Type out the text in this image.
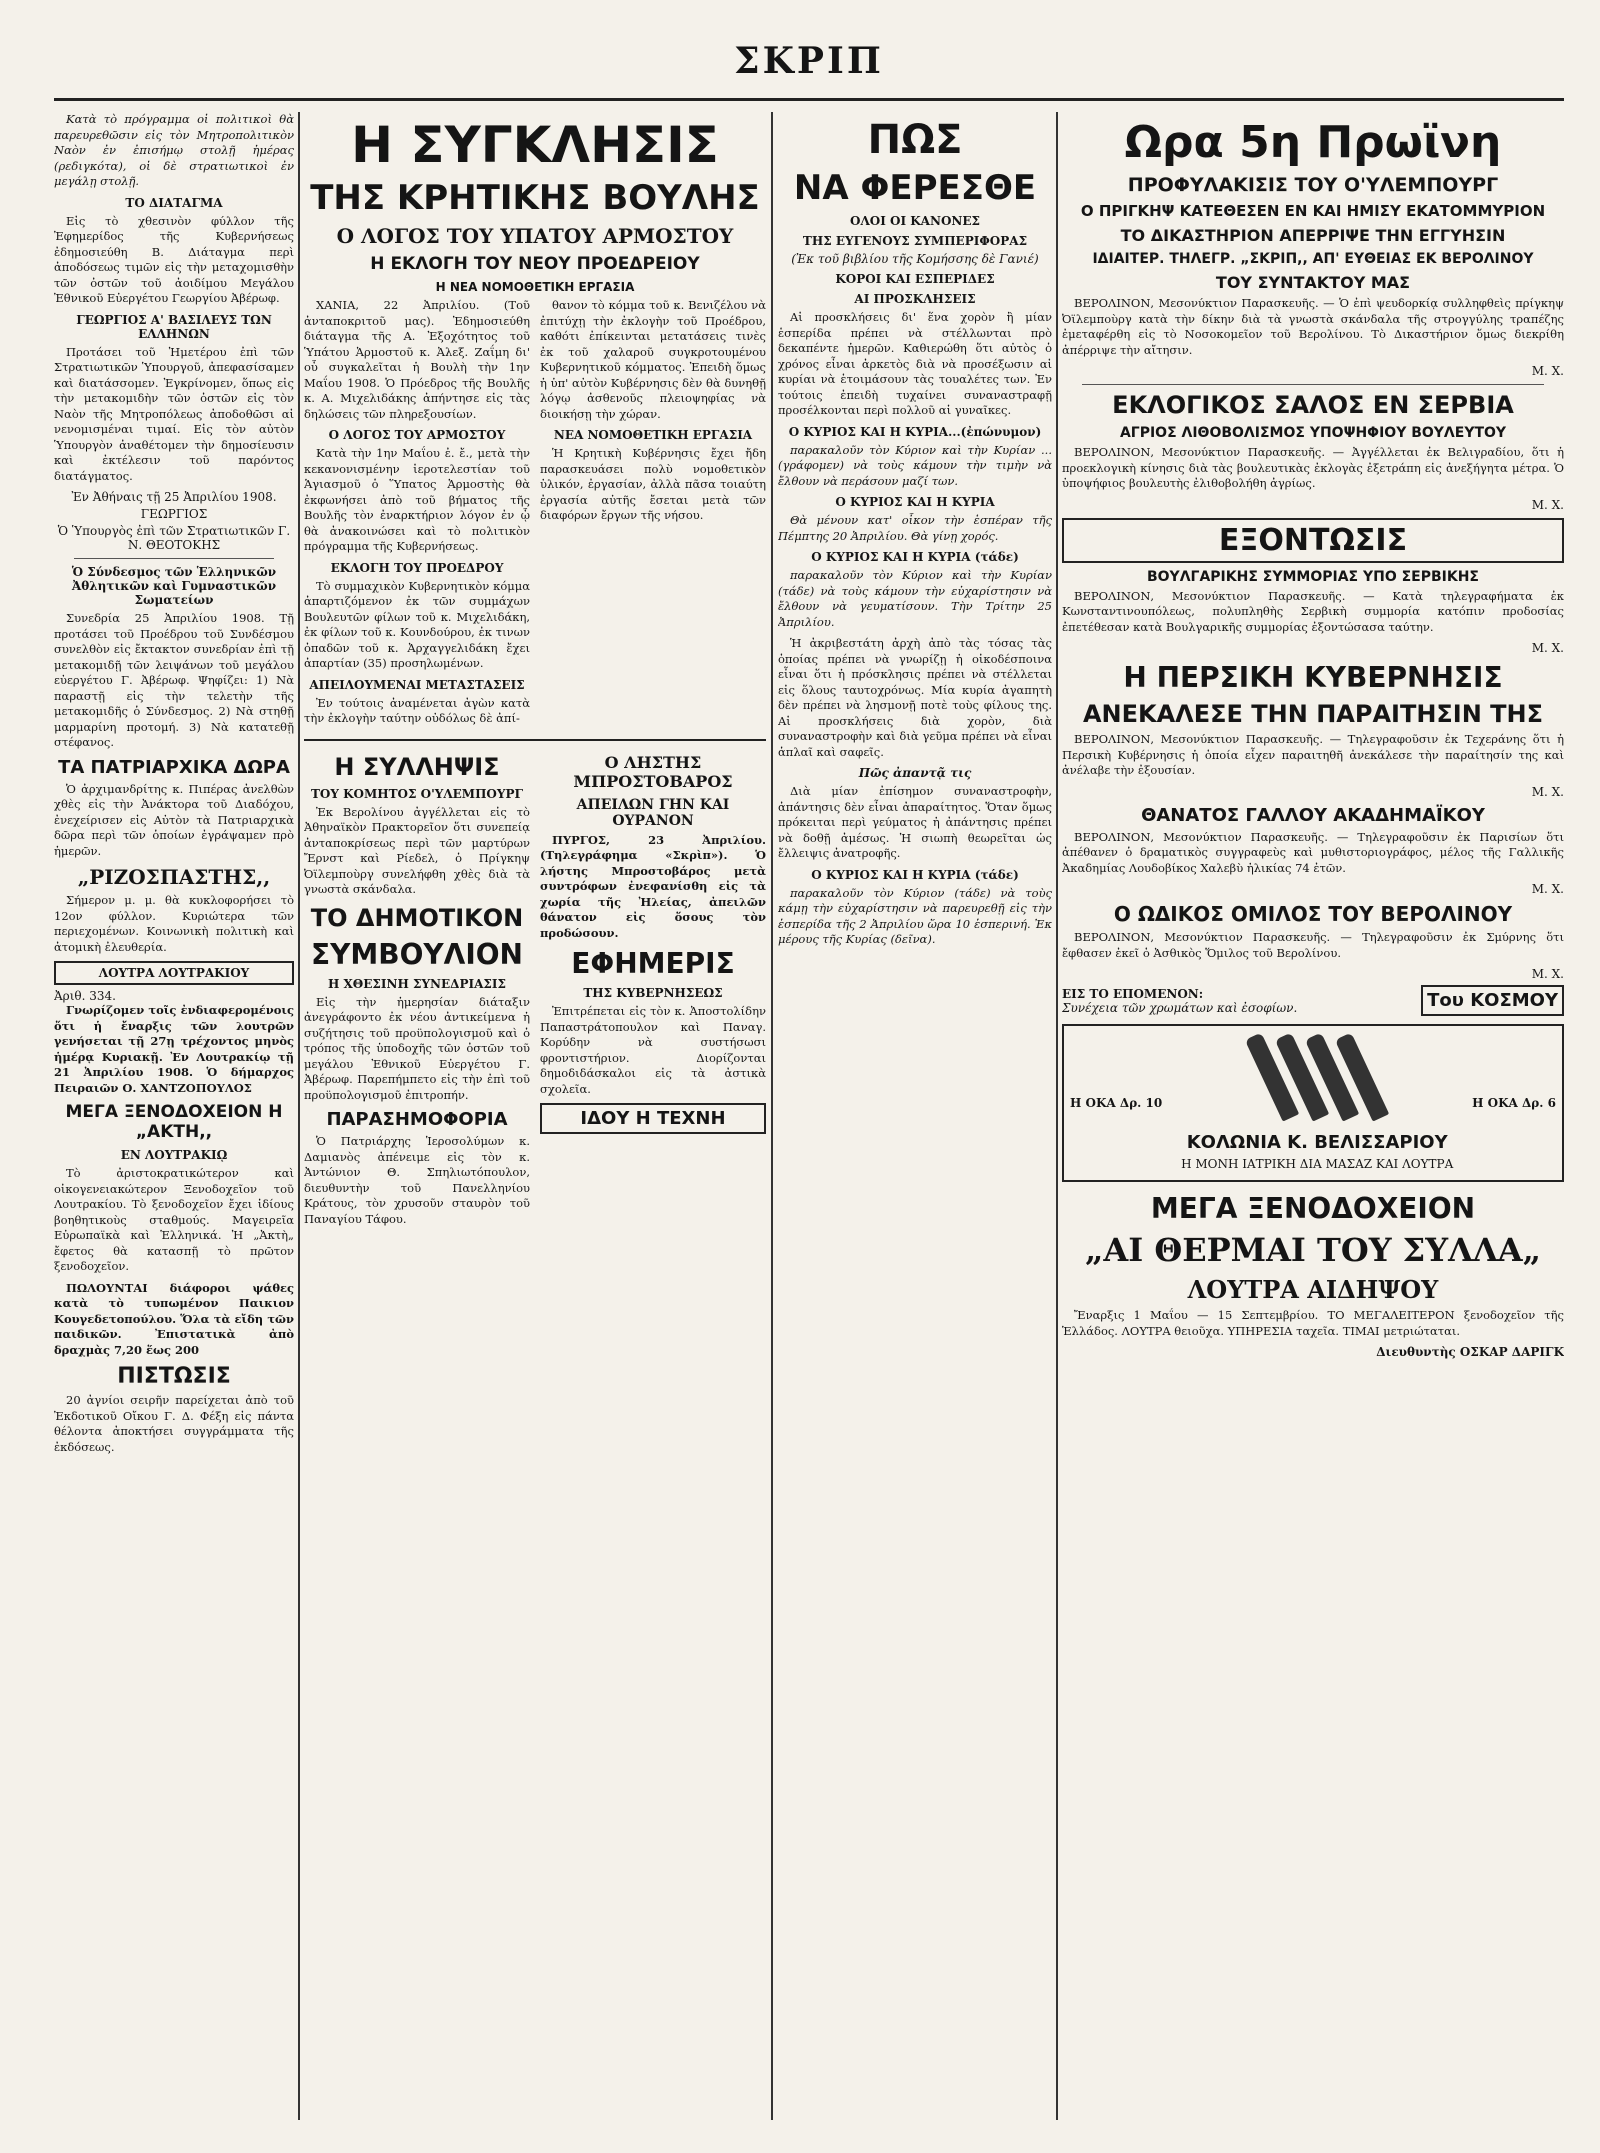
ΣΚΡΙΠ

Κατὰ τὸ πρόγραμμα οἱ πολιτικοὶ θὰ παρευρεθῶσιν εἰς τὸν Μητροπολιτικὸν Ναὸν ἐν ἐπισήμῳ στολῇ ἡμέρας (ρεδιγκότα), οἱ δὲ στρατιωτικοὶ ἐν μεγάλῃ στολῇ.

ΤΟ ΔΙΑΤΑΓΜΑ

Εἰς τὸ χθεσινὸν φύλλον τῆς Ἐφημερίδος τῆς Κυβερνήσεως ἐδημοσιεύθη Β. Διάταγμα περὶ ἀποδόσεως τιμῶν εἰς τὴν μεταχομισθὴν τῶν ὀστῶν τοῦ ἀοιδίμου Μεγάλου Ἐθνικοῦ Εὐεργέτου Γεωργίου Ἀβέρωφ.

ΓΕΩΡΓΙΟΣ Α' ΒΑΣΙΛΕΥΣ ΤΩΝ ΕΛΛΗΝΩΝ

Προτάσει τοῦ Ἡμετέρου ἐπὶ τῶν Στρατιωτικῶν Ὑπουργοῦ, ἀπεφασίσαμεν καὶ διατάσσομεν. Ἐγκρίνομεν, ὅπως εἰς τὴν μετακομιδὴν τῶν ὀστῶν εἰς τὸν Ναὸν τῆς Μητροπόλεως ἀποδοθῶσι αἱ νενομισμέναι τιμαί. Εἰς τὸν αὐτὸν Ὑπουργὸν ἀναθέτομεν τὴν δημοσίευσιν καὶ ἐκτέλεσιν τοῦ παρόντος διατάγματος.

Ἐν Ἀθήναις τῇ 25 Ἀπριλίου 1908.
ΓΕΩΡΓΙΟΣ
Ὁ Ὑπουργὸς ἐπὶ τῶν Στρατιωτικῶν Γ. Ν. ΘΕΟΤΟΚΗΣ
Ὁ Σύνδεσμος τῶν Ἑλληνικῶν Ἀθλητικῶν καὶ Γυμναστικῶν Σωματείων

Συνεδρία 25 Ἀπριλίου 1908. Τῇ προτάσει τοῦ Προέδρου τοῦ Συνδέσμου συνελθὸν εἰς ἔκτακτον συνεδρίαν ἐπὶ τῇ μετακομιδῇ τῶν λειψάνων τοῦ μεγάλου εὐεργέτου Γ. Ἀβέρωφ. Ψηφίζει: 1) Νὰ παραστῇ εἰς τὴν τελετὴν τῆς μετακομιδῆς ὁ Σύνδεσμος. 2) Νὰ στηθῇ μαρμαρίνη προτομή. 3) Νὰ κατατεθῇ στέφανος.

ΤΑ ΠΑΤΡΙΑΡΧΙΚΑ ΔΩΡΑ

Ὁ ἀρχιμανδρίτης κ. Πιπέρας ἀνελθὼν χθὲς εἰς τὴν Ἀνάκτορα τοῦ Διαδόχου, ἐνεχείρισεν εἰς Αὐτὸν τὰ Πατριαρχικὰ δῶρα περὶ τῶν ὁποίων ἐγράψαμεν πρὸ ἡμερῶν.

„ΡΙΖΟΣΠΑΣΤΗΣ,,

Σήμερον μ. μ. θὰ κυκλοφορήσει τὸ 12ον φύλλον. Κυριώτερα τῶν περιεχομένων. Κοινωνικὴ πολιτικὴ καὶ ἀτομικὴ ἐλευθερία.

ΛΟΥΤΡΑ ΛΟΥΤΡΑΚΙΟΥ
Ἀριθ. 334.

Γνωρίζομεν τοῖς ἐνδιαφερομένοις ὅτι ἡ ἔναρξις τῶν λουτρῶν γενήσεται τῇ 27ῃ τρέχοντος μηνὸς ἡμέρᾳ Κυριακῇ. Ἐν Λουτρακίῳ τῇ 21 Ἀπριλίου 1908. Ὁ δήμαρχος Πειραιῶν Ο. ΧΑΝΤΖΟΠΟΥΛΟΣ

ΜΕΓΑ ΞΕΝΟΔΟΧΕΙΟΝ Η „ΑΚΤΗ,,
ΕΝ ΛΟΥΤΡΑΚΙῼ

Τὸ ἀριστοκρατικώτερον καὶ οἰκογενειακώτερον Ξενοδοχεῖον τοῦ Λουτρακίου. Τὸ ξενοδοχεῖον ἔχει ἰδίους βοηθητικοὺς σταθμούς. Μαγειρεῖα Εὐρωπαϊκὰ καὶ Ἑλληνικά. Ἡ „Ἀκτὴ„ ἔφετος θὰ κατασπῇ τὸ πρῶτον ξενοδοχεῖον.

ΠΩΛΟΥΝΤΑΙ διάφοροι ψάθες κατὰ τὸ τυπωμένον Παικιον Κουγεδετοπούλου. Ὅλα τὰ εἴδη τῶν παιδικῶν. Ἐπιστατικὰ ἀπὸ δραχμὰς 7,20 ἕως 200

ΠΙΣΤΩΣΙΣ

20 ἀγνίοι σειρῆν παρείχεται ἀπὸ τοῦ Ἐκδοτικοῦ Οἴκου Γ. Δ. Φέξη εἰς πάντα θέλοντα ἀποκτήσει συγγράμματα τῆς ἐκδόσεως.

Η ΣΥΓΚΛΗΣΙΣ
ΤΗΣ ΚΡΗΤΙΚΗΣ ΒΟΥΛΗΣ
Ο ΛΟΓΟΣ ΤΟΥ ΥΠΑΤΟΥ ΑΡΜΟΣΤΟΥ
Η ΕΚΛΟΓΗ ΤΟΥ ΝΕΟΥ ΠΡΟΕΔΡΕΙΟΥ
Η ΝΕΑ ΝΟΜΟΘΕΤΙΚΗ ΕΡΓΑΣΙΑ

ΧΑΝΙΑ, 22 Ἀπριλίου. (Τοῦ ἀνταποκριτοῦ μας). Ἐδημοσιεύθη διάταγμα τῆς Α. Ἐξοχότητος τοῦ Ὑπάτου Ἁρμοστοῦ κ. Ἀλεξ. Ζαΐμη δι' οὗ συγκαλεῖται ἡ Βουλὴ τὴν 1ην Μαΐου 1908. Ὁ Πρόεδρος τῆς Βουλῆς κ. Α. Μιχελιδάκης ἀπήντησε εἰς τὰς δηλώσεις τῶν πληρεξουσίων.

Ο ΛΟΓΟΣ ΤΟΥ ΑΡΜΟΣΤΟΥ

Κατὰ τὴν 1ην Μαΐου ἐ. ἔ., μετὰ τὴν κεκανονισμένην ἱεροτελεστίαν τοῦ Ἁγιασμοῦ ὁ Ὕπατος Ἁρμοστὴς θὰ ἐκφωνήσει ἀπὸ τοῦ βήματος τῆς Βουλῆς τὸν ἐναρκτήριον λόγον ἐν ᾧ θὰ ἀνακοινώσει καὶ τὸ πολιτικὸν πρόγραμμα τῆς Κυβερνήσεως.

ΕΚΛΟΓΗ ΤΟΥ ΠΡΟΕΔΡΟΥ

Τὸ συμμαχικὸν Κυβερνητικὸν κόμμα ἀπαρτιζόμενον ἐκ τῶν συμμάχων Βουλευτῶν φίλων τοῦ κ. Μιχελιδάκη, ἐκ φίλων τοῦ κ. Κουνδούρου, ἐκ τινων ὀπαδῶν τοῦ κ. Ἀρχαγγελιδάκη ἔχει ἀπαρτίαν (35) προσηλωμένων.

ΑΠΕΙΛΟΥΜΕΝΑΙ ΜΕΤΑΣΤΑΣΕΙΣ

Ἐν τούτοις ἀναμένεται ἀγὼν κατὰ τὴν ἐκλογὴν ταύτην οὐδόλως δὲ ἀπί-

θανον τὸ κόμμα τοῦ κ. Βενιζέλου νὰ ἐπιτύχῃ τὴν ἐκλογὴν τοῦ Προέδρου, καθότι ἐπίκεινται μετατάσεις τινὲς ἐκ τοῦ χαλαροῦ συγκροτουμένου Κυβερνητικοῦ κόμματος. Ἐπειδὴ ὅμως ἡ ὑπ' αὐτὸν Κυβέρνησις δὲν θὰ δυνηθῇ λόγῳ ἀσθενοῦς πλειοψηφίας νὰ διοικήσῃ τὴν χώραν.

ΝΕΑ ΝΟΜΟΘΕΤΙΚΗ ΕΡΓΑΣΙΑ

Ἡ Κρητικὴ Κυβέρνησις ἔχει ἤδη παρασκευάσει πολὺ νομοθετικὸν ὑλικόν, ἐργασίαν, ἀλλὰ πᾶσα τοιαύτη ἐργασία αὐτῆς ἔσεται μετὰ τῶν διαφόρων ἔργων τῆς νήσου.

Η ΣΥΛΛΗΨΙΣ
ΤΟΥ ΚΟΜΗΤΟΣ Ο'ΥΛΕΜΠΟΥΡΓ

Ἐκ Βερολίνου ἀγγέλλεται εἰς τὸ Ἀθηναϊκὸν Πρακτορεῖον ὅτι συνεπείᾳ ἀνταποκρίσεως περὶ τῶν μαρτύρων Ἔρνστ καὶ Ρίεδελ, ὁ Πρίγκηψ Ὀϊλεμποὺργ συνελήφθη χθὲς διὰ τὰ γνωστὰ σκάνδαλα.

ΤΟ ΔΗΜΟΤΙΚΟΝ
ΣΥΜΒΟΥΛΙΟΝ
Η ΧΘΕΣΙΝΗ ΣΥΝΕΔΡΙΑΣΙΣ

Εἰς τὴν ἡμερησίαν διάταξιν ἀνεγράφοντο ἐκ νέου ἀντικείμενα ἡ συζήτησις τοῦ προϋπολογισμοῦ καὶ ὁ τρόπος τῆς ὑποδοχῆς τῶν ὀστῶν τοῦ μεγάλου Ἐθνικοῦ Εὐεργέτου Γ. Ἀβέρωφ. Παρεπήμπετο εἰς τὴν ἐπὶ τοῦ προϋπολογισμοῦ ἐπιτροπήν.

ΠΑΡΑΣΗΜΟΦΟΡΙΑ

Ὁ Πατριάρχης Ἱεροσολύμων κ. Δαμιανὸς ἀπένειμε εἰς τὸν κ. Ἀντώνιον Θ. Σπηλιωτόπουλον, διευθυντὴν τοῦ Πανελληνίου Κράτους, τὸν χρυσοῦν σταυρὸν τοῦ Παναγίου Τάφου.

Ο ΛΗΣΤΗΣ ΜΠΡΟΣΤΟΒΑΡΟΣ
ΑΠΕΙΛΩΝ ΓΗΝ ΚΑΙ ΟΥΡΑΝΟΝ

ΠΥΡΓΟΣ, 23 Ἀπριλίου. (Τηλεγράφημα «Σκρὶπ»). Ὁ λήστης Μπροστοβάρος μετὰ συντρόφων ἐνεφανίσθη εἰς τὰ χωρία τῆς Ἠλείας, ἀπειλῶν θάνατον εἰς ὅσους τὸν προδώσουν.

ΕΦΗΜΕΡΙΣ
ΤΗΣ ΚΥΒΕΡΝΗΣΕΩΣ

Ἐπιτρέπεται εἰς τὸν κ. Ἀποστολίδην Παπαστράτοπουλον καὶ Παναγ. Κορύδην νὰ συστήσωσι φροντιστήριον. Διορίζονται δημοδιδάσκαλοι εἰς τὰ ἀστικὰ σχολεῖα.

ΙΔΟΥ Η ΤΕΧΝΗ
ΠΩΣ
ΝΑ ΦΕΡΕΣΘΕ
ΟΛΟΙ ΟΙ ΚΑΝΟΝΕΣ
ΤΗΣ ΕΥΓΕΝΟΥΣ ΣΥΜΠΕΡΙΦΟΡΑΣ
(Ἐκ τοῦ βιβλίου τῆς Κομήσσης δὲ Γανιέ)
ΚΟΡΟΙ ΚΑΙ ΕΣΠΕΡΙΔΕΣ
ΑΙ ΠΡΟΣΚΛΗΣΕΙΣ

Αἱ προσκλήσεις δι' ἕνα χορὸν ἢ μίαν ἑσπερίδα πρέπει νὰ στέλλωνται πρὸ δεκαπέντε ἡμερῶν. Καθιερώθη ὅτι αὐτὸς ὁ χρόνος εἶναι ἀρκετὸς διὰ νὰ προσέξωσιν αἱ κυρίαι νὰ ἑτοιμάσουν τὰς τουαλέτες των. Ἐν τούτοις ἐπειδὴ τυχαίνει συναναστραφῇ προσέλκονται περὶ πολλοῦ αἱ γυναῖκες.

Ο ΚΥΡΙΟΣ ΚΑΙ Η ΚΥΡΙΑ...(ἐπώνυμον)

παρακαλοῦν τὸν Κύριον καὶ τὴν Κυρίαν ... (γράφομεν) νὰ τοὺς κάμουν τὴν τιμὴν νὰ ἔλθουν νὰ περάσουν μαζί των.

Ο ΚΥΡΙΟΣ ΚΑΙ Η ΚΥΡΙΑ

Θὰ μένουν κατ' οἶκον τὴν ἑσπέραν τῆς Πέμπτης 20 Ἀπριλίου. Θὰ γίνῃ χορός.

Ο ΚΥΡΙΟΣ ΚΑΙ Η ΚΥΡΙΑ (τάδε)

παρακαλοῦν τὸν Κύριον καὶ τὴν Κυρίαν (τάδε) νὰ τοὺς κάμουν τὴν εὐχαρίστησιν νὰ ἔλθουν νὰ γευματίσουν. Τὴν Τρίτην 25 Ἀπριλίου.

Ἡ ἀκριβεστάτη ἀρχὴ ἀπὸ τὰς τόσας τὰς ὁποίας πρέπει νὰ γνωρίζῃ ἡ οἰκοδέσποινα εἶναι ὅτι ἡ πρόσκλησις πρέπει νὰ στέλλεται εἰς ὅλους ταυτοχρόνως. Μία κυρία ἀγαπητὴ δὲν πρέπει νὰ λησμονῇ ποτὲ τοὺς φίλους της. Αἱ προσκλήσεις διὰ χορὸν, διὰ συναναστροφὴν καὶ διὰ γεῦμα πρέπει νὰ εἶναι ἁπλαῖ καὶ σαφεῖς.

Πῶς ἀπαντᾷ τις

Διὰ μίαν ἐπίσημον συναναστροφὴν, ἀπάντησις δὲν εἶναι ἀπαραίτητος. Ὅταν ὅμως πρόκειται περὶ γεύματος ἡ ἀπάντησις πρέπει νὰ δοθῇ ἀμέσως. Ἡ σιωπὴ θεωρεῖται ὡς ἔλλειψις ἀνατροφῆς.

Ο ΚΥΡΙΟΣ ΚΑΙ Η ΚΥΡΙΑ (τάδε)

παρακαλοῦν τὸν Κύριον (τάδε) νὰ τοὺς κάμῃ τὴν εὐχαρίστησιν νὰ παρευρεθῇ εἰς τὴν ἑσπερίδα τῆς 2 Ἀπριλίου ὥρα 10 ἑσπερινή. Ἐκ μέρους τῆς Κυρίας (δεῖνα).

Ωρα 5η Πρωϊνη
ΠΡΟΦΥΛΑΚΙΣΙΣ ΤΟΥ Ο'ΥΛΕΜΠΟΥΡΓ
Ο ΠΡΙΓΚΗΨ ΚΑΤΕΘΕΣΕΝ ΕΝ ΚΑΙ ΗΜΙΣΥ ΕΚΑΤΟΜΜΥΡΙΟΝ
ΤΟ ΔΙΚΑΣΤΗΡΙΟΝ ΑΠΕΡΡΙΨΕ ΤΗΝ ΕΓΓΥΗΣΙΝ
ΙΔΙΑΙΤΕΡ. ΤΗΛΕΓΡ. „ΣΚΡΙΠ,, ΑΠ' ΕΥΘΕΙΑΣ ΕΚ ΒΕΡΟΛΙΝΟΥ
ΤΟΥ ΣΥΝΤΑΚΤΟΥ ΜΑΣ

ΒΕΡΟΛΙΝΟΝ, Μεσονύκτιον Παρασκευῆς. — Ὁ ἐπὶ ψευδορκίᾳ συλληφθεὶς πρίγκηψ Ὀϊλεμποὺργ κατὰ τὴν δίκην διὰ τὰ γνωστὰ σκάνδαλα τῆς στρογγύλης τραπέζης ἐμεταφέρθη εἰς τὸ Νοσοκομεῖον τοῦ Βερολίνου. Τὸ Δικαστήριον ὅμως διεκρίθη ἀπέρριψε τὴν αἴτησιν.

Μ. Χ.
ΕΚΛΟΓΙΚΟΣ ΣΑΛΟΣ ΕΝ ΣΕΡΒΙΑ
ΑΓΡΙΟΣ ΛΙΘΟΒΟΛΙΣΜΟΣ ΥΠΟΨΗΦΙΟΥ ΒΟΥΛΕΥΤΟΥ

ΒΕΡΟΛΙΝΟΝ, Μεσονύκτιον Παρασκευῆς. — Ἀγγέλλεται ἐκ Βελιγραδίου, ὅτι ἡ προεκλογικὴ κίνησις διὰ τὰς βουλευτικὰς ἐκλογὰς ἐξετράπη εἰς ἀνεξήγητα μέτρα. Ὁ ὑποψήφιος βουλευτὴς ἐλιθοβολήθη ἀγρίως.

Μ. Χ.
ΕΞΟΝΤΩΣΙΣ
ΒΟΥΛΓΑΡΙΚΗΣ ΣΥΜΜΟΡΙΑΣ ΥΠΟ ΣΕΡΒΙΚΗΣ

ΒΕΡΟΛΙΝΟΝ, Μεσονύκτιον Παρασκευῆς. — Κατὰ τηλεγραφήματα ἐκ Κωνσταντινουπόλεως, πολυπληθὴς Σερβικὴ συμμορία κατόπιν προδοσίας ἐπετέθεσαν κατὰ Βουλγαρικῆς συμμορίας ἐξοντώσασα ταύτην.

Μ. Χ.
Η ΠΕΡΣΙΚΗ ΚΥΒΕΡΝΗΣΙΣ
ΑΝΕΚΑΛΕΣΕ ΤΗΝ ΠΑΡΑΙΤΗΣΙΝ ΤΗΣ

ΒΕΡΟΛΙΝΟΝ, Μεσονύκτιον Παρασκευῆς. — Τηλεγραφοῦσιν ἐκ Τεχεράνης ὅτι ἡ Περσικὴ Κυβέρνησις ἡ ὁποία εἶχεν παραιτηθῆ ἀνεκάλεσε τὴν παραίτησίν της καὶ ἀνέλαβε τὴν ἐξουσίαν.

Μ. Χ.
ΘΑΝΑΤΟΣ ΓΑΛΛΟΥ ΑΚΑΔΗΜΑΪΚΟΥ

ΒΕΡΟΛΙΝΟΝ, Μεσονύκτιον Παρασκευῆς. — Τηλεγραφοῦσιν ἐκ Παρισίων ὅτι ἀπέθανεν ὁ δραματικὸς συγγραφεὺς καὶ μυθιστοριογράφος, μέλος τῆς Γαλλικῆς Ἀκαδημίας Λουδοβίκος Χαλεβὺ ἡλικίας 74 ἐτῶν.

Μ. Χ.
Ο ΩΔΙΚΟΣ ΟΜΙΛΟΣ ΤΟΥ ΒΕΡΟΛΙΝΟΥ

ΒΕΡΟΛΙΝΟΝ, Μεσονύκτιον Παρασκευῆς. — Τηλεγραφοῦσιν ἐκ Σμύρνης ὅτι ἔφθασεν ἐκεῖ ὁ Ἀσθικὸς Ὅμιλος τοῦ Βερολίνου.

Μ. Χ.
ΕΙΣ ΤΟ ΕΠΟΜΕΝΟΝ:
Συνέχεια τῶν χρωμάτων καὶ ἐσοφίων.	Του ΚΟΣΜΟΥ
Η ΟΚΑ Δρ. 10
ΚΟΛΩΝΙΑ Κ. ΒΕΛΙΣΣΑΡΙΟΥ
Η ΜΟΝΗ ΙΑΤΡΙΚΗ ΔΙΑ ΜΑΣΑΖ ΚΑΙ ΛΟΥΤΡΑ
Η ΟΚΑ Δρ. 6
ΜΕΓΑ ΞΕΝΟΔΟΧΕΙΟΝ
„ΑΙ ΘΕΡΜΑΙ ΤΟΥ ΣΥΛΛΑ„
ΛΟΥΤΡΑ ΑΙΔΗΨΟΥ

Ἔναρξις 1 Μαΐου — 15 Σεπτεμβρίου. ΤΟ ΜΕΓΑΛΕΙΤΕΡΟΝ ξενοδοχεῖον τῆς Ἑλλάδος. ΛΟΥΤΡΑ θειοῦχα. ΥΠΗΡΕΣΙΑ ταχεῖα. ΤΙΜΑΙ μετριώταται.

Διευθυντὴς ΟΣΚΑΡ ΔΑΡΙΓΚ
